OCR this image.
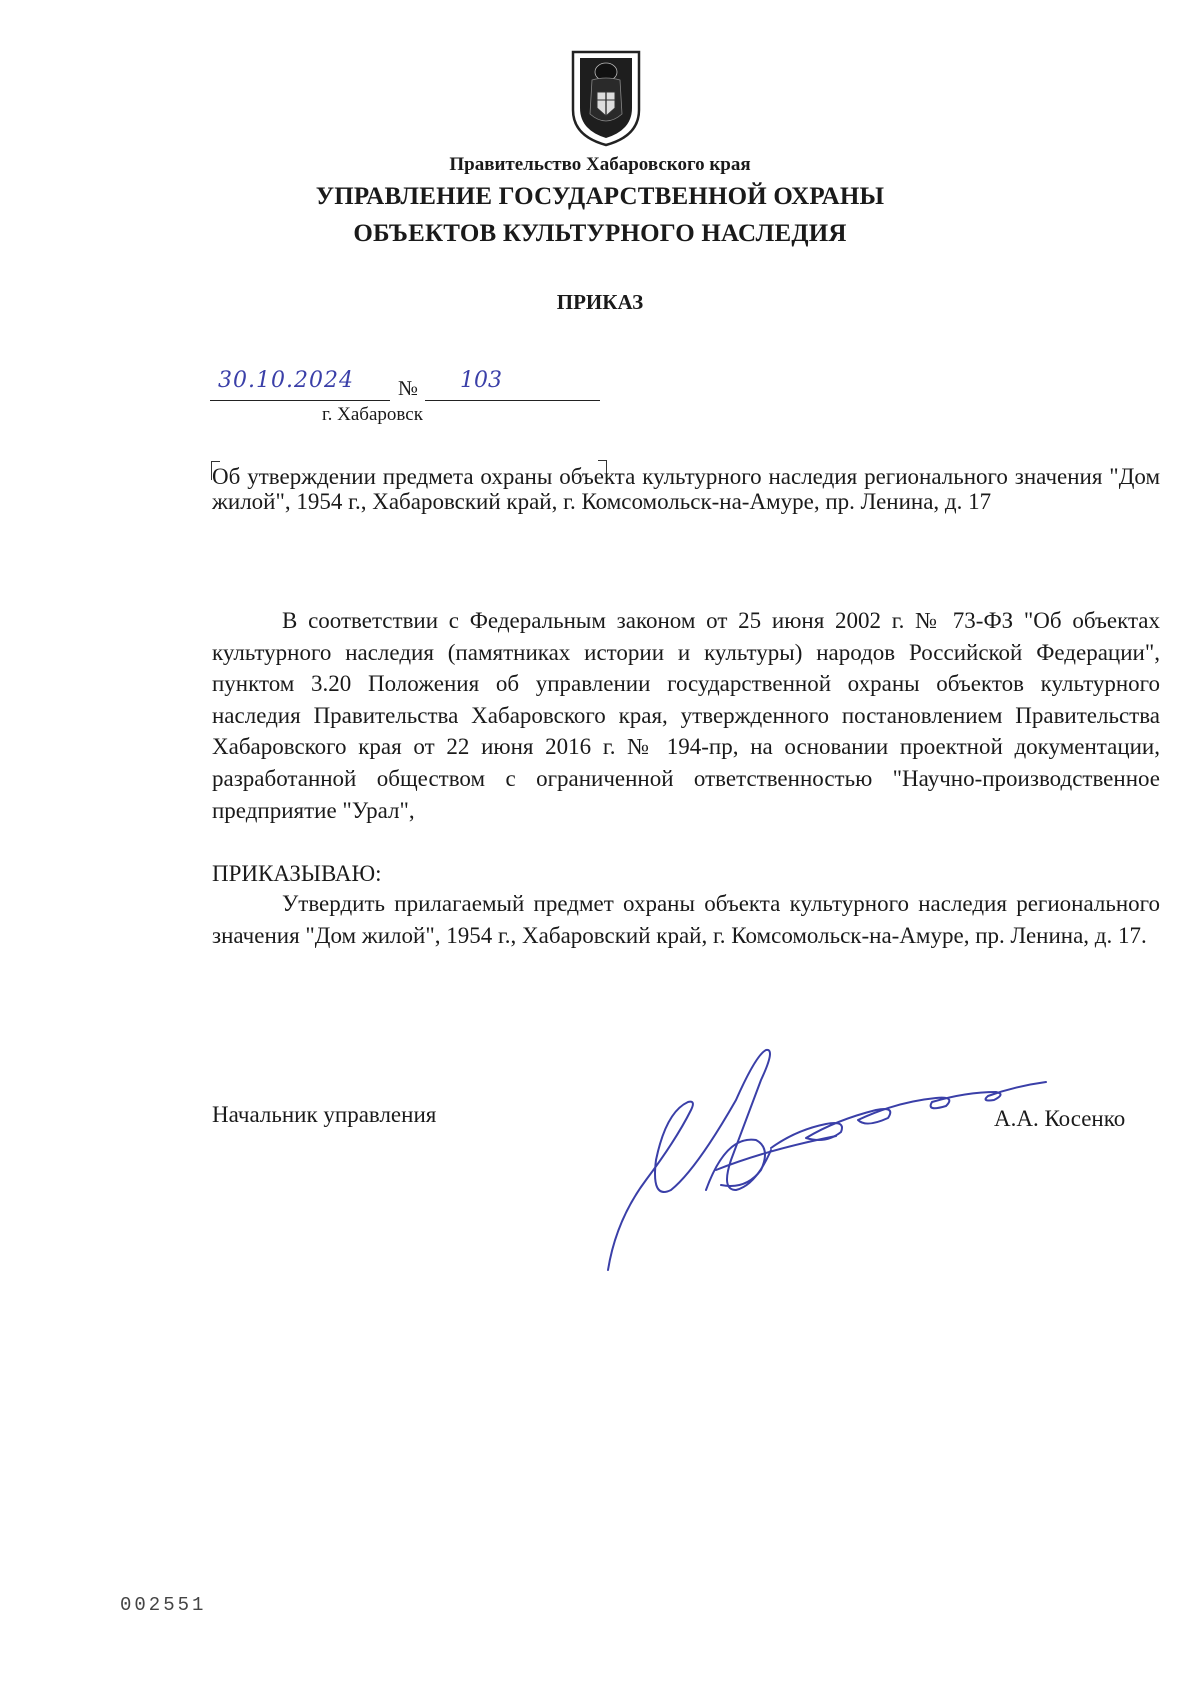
Правительство Хабаровского края
УПРАВЛЕНИЕ ГОСУДАРСТВЕННОЙ ОХРАНЫ
ОБЪЕКТОВ КУЛЬТУРНОГО НАСЛЕДИЯ
ПРИКАЗ
30.10.2024 № 103
г. Хабаровск
Об утверждении предмета охраны объекта культурного наследия регионального значения "Дом жилой", 1954 г., Хабаровский край, г. Комсомольск-на-Амуре, пр. Ленина, д. 17
В соответствии с Федеральным законом от 25 июня 2002 г. № 73-ФЗ "Об объектах культурного наследия (памятниках истории и культуры) народов Российской Федерации", пунктом 3.20 Положения об управлении государственной охраны объектов культурного наследия Правительства Хабаровского края, утвержденного постановлением Правительства Хабаровского края от 22 июня 2016 г. № 194-пр, на основании проектной документации, разработанной обществом с ограниченной ответственностью "Научно-производственное предприятие "Урал",
ПРИКАЗЫВАЮ:
Утвердить прилагаемый предмет охраны объекта культурного наследия регионального значения "Дом жилой", 1954 г., Хабаровский край, г. Комсомольск-на-Амуре, пр. Ленина, д. 17.
Начальник управления	А.А. Косенко
002551
